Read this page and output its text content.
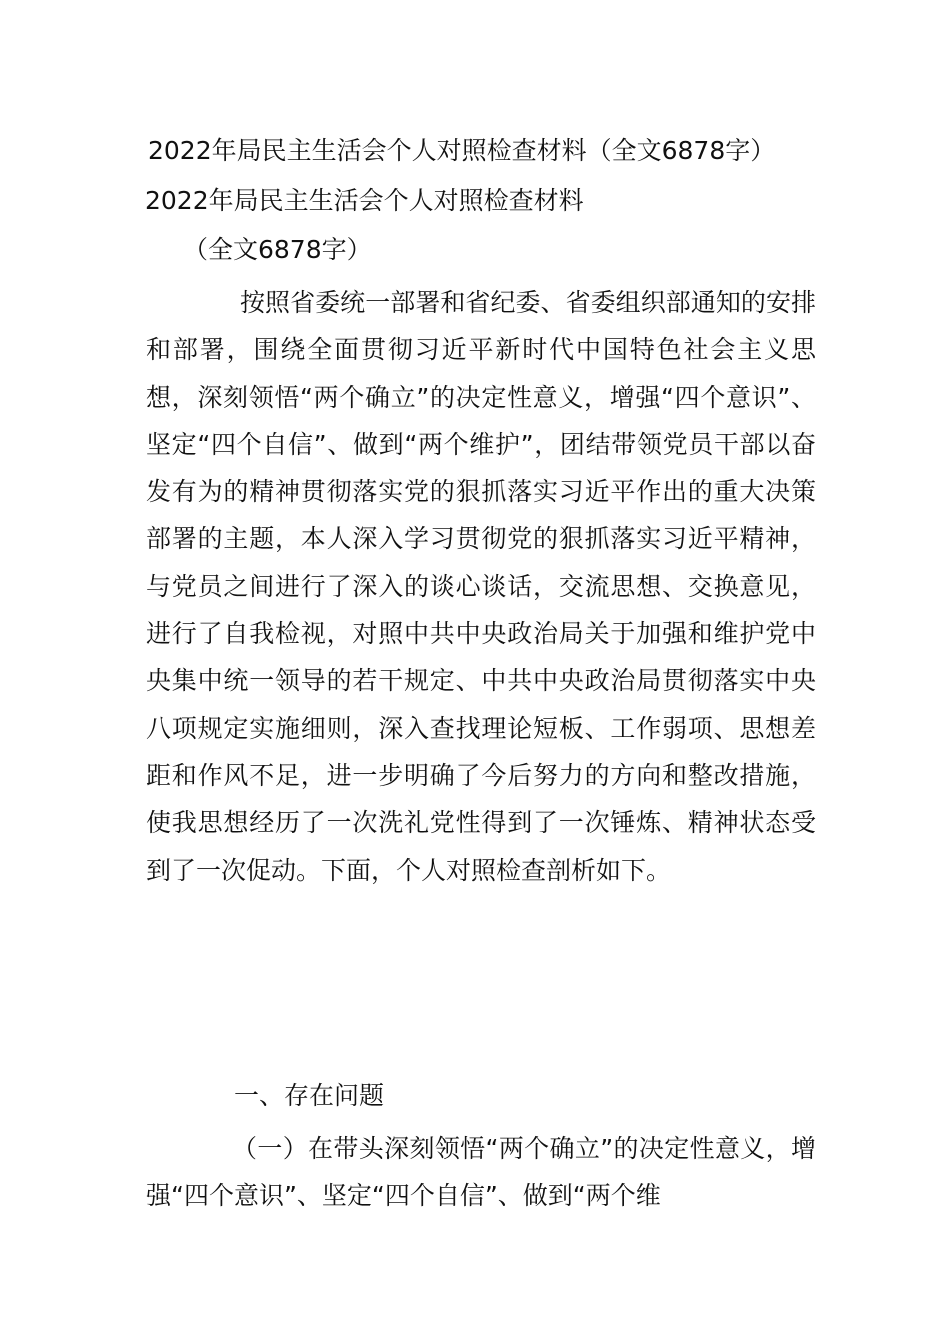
2022年局民主生活会个人对照检查材料（全文6878字）
2022年局民主生活会个人对照检查材料
（全文6878字）
按照省委统一部署和省纪委、省委组织部通知的安排和部署，围绕全面贯彻习近平新时代中国特色社会主义思想，深刻领悟“两个确立”的决定性意义，增强“四个意识”、坚定“四个自信”、做到“两个维护”，团结带领党员干部以奋发有为的精神贯彻落实党的狠抓落实习近平作出的重大决策部署的主题，本人深入学习贯彻党的狠抓落实习近平精神，与党员之间进行了深入的谈心谈话，交流思想、交换意见，进行了自我检视，对照中共中央政治局关于加强和维护党中央集中统一领导的若干规定、中共中央政治局贯彻落实中央八项规定实施细则，深入查找理论短板、工作弱项、思想差距和作风不足，进一步明确了今后努力的方向和整改措施，使我思想经历了一次洗礼党性得到了一次锤炼、精神状态受到了一次促动。下面，个人对照检查剖析如下。
一、存在问题
（一）在带头深刻领悟“两个确立”的决定性意义，增强“四个意识”、坚定“四个自信”、做到“两个维
